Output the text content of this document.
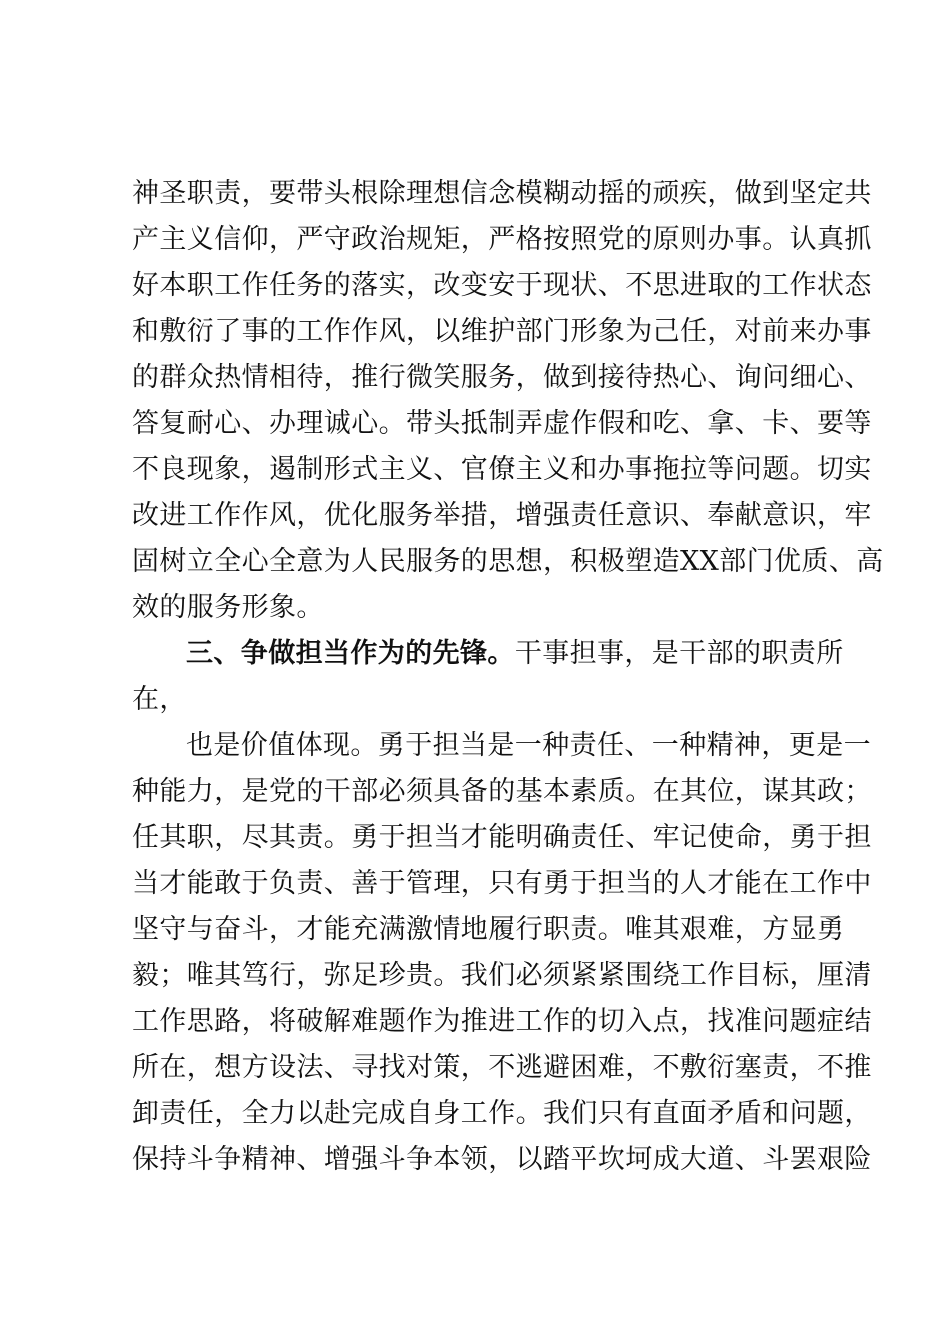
神圣职责，要带头根除理想信念模糊动摇的顽疾，做到坚定共
产主义信仰，严守政治规矩，严格按照党的原则办事。认真抓
好本职工作任务的落实，改变安于现状、不思进取的工作状态
和敷衍了事的工作作风，以维护部门形象为己任，对前来办事
的群众热情相待，推行微笑服务，做到接待热心、询问细心、
答复耐心、办理诚心。带头抵制弄虚作假和吃、拿、卡、要等
不良现象，遏制形式主义、官僚主义和办事拖拉等问题。切实
改进工作作风，优化服务举措，增强责任意识、奉献意识，牢
固树立全心全意为人民服务的思想，积极塑造XX部门优质、高
效的服务形象。
三、争做担当作为的先锋。干事担事，是干部的职责所
在，
也是价值体现。勇于担当是一种责任、一种精神，更是一
种能力，是党的干部必须具备的基本素质。在其位，谋其政；
任其职，尽其责。勇于担当才能明确责任、牢记使命，勇于担
当才能敢于负责、善于管理，只有勇于担当的人才能在工作中
坚守与奋斗，才能充满激情地履行职责。唯其艰难，方显勇
毅；唯其笃行，弥足珍贵。我们必须紧紧围绕工作目标，厘清
工作思路，将破解难题作为推进工作的切入点，找准问题症结
所在，想方设法、寻找对策，不逃避困难，不敷衍塞责，不推
卸责任，全力以赴完成自身工作。我们只有直面矛盾和问题，
保持斗争精神、增强斗争本领，以踏平坎坷成大道、斗罢艰险
